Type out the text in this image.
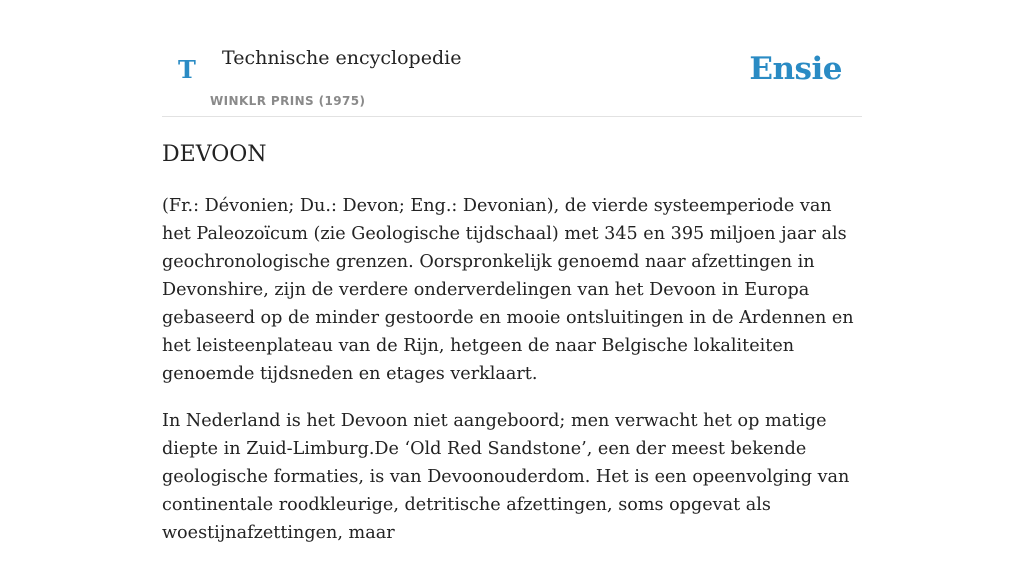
T Technische encyclopedie
WINKLR PRINS (1975)
Ensie
DEVOON

(Fr.: Dévonien; Du.: Devon; Eng.: Devonian), de vierde systeemperiode van het Paleozoïcum (zie Geologische tijdschaal) met 345 en 395 miljoen jaar als geochronologische grenzen. Oorspronkelijk genoemd naar afzettingen in Devonshire, zijn de verdere onderverdelingen van het Devoon in Europa gebaseerd op de minder gestoorde en mooie ontsluitingen in de Ardennen en het leisteenplateau van de Rijn, hetgeen de naar Belgische lokaliteiten genoemde tijdsneden en etages verklaart.

In Nederland is het Devoon niet aangeboord; men verwacht het op matige diepte in Zuid-Limburg.De ‘Old Red Sandstone’, een der meest bekende geologische formaties, is van Devoonouderdom. Het is een opeenvolging van continentale roodkleurige, detritische afzettingen, soms opgevat als woestijnafzettingen, maar
